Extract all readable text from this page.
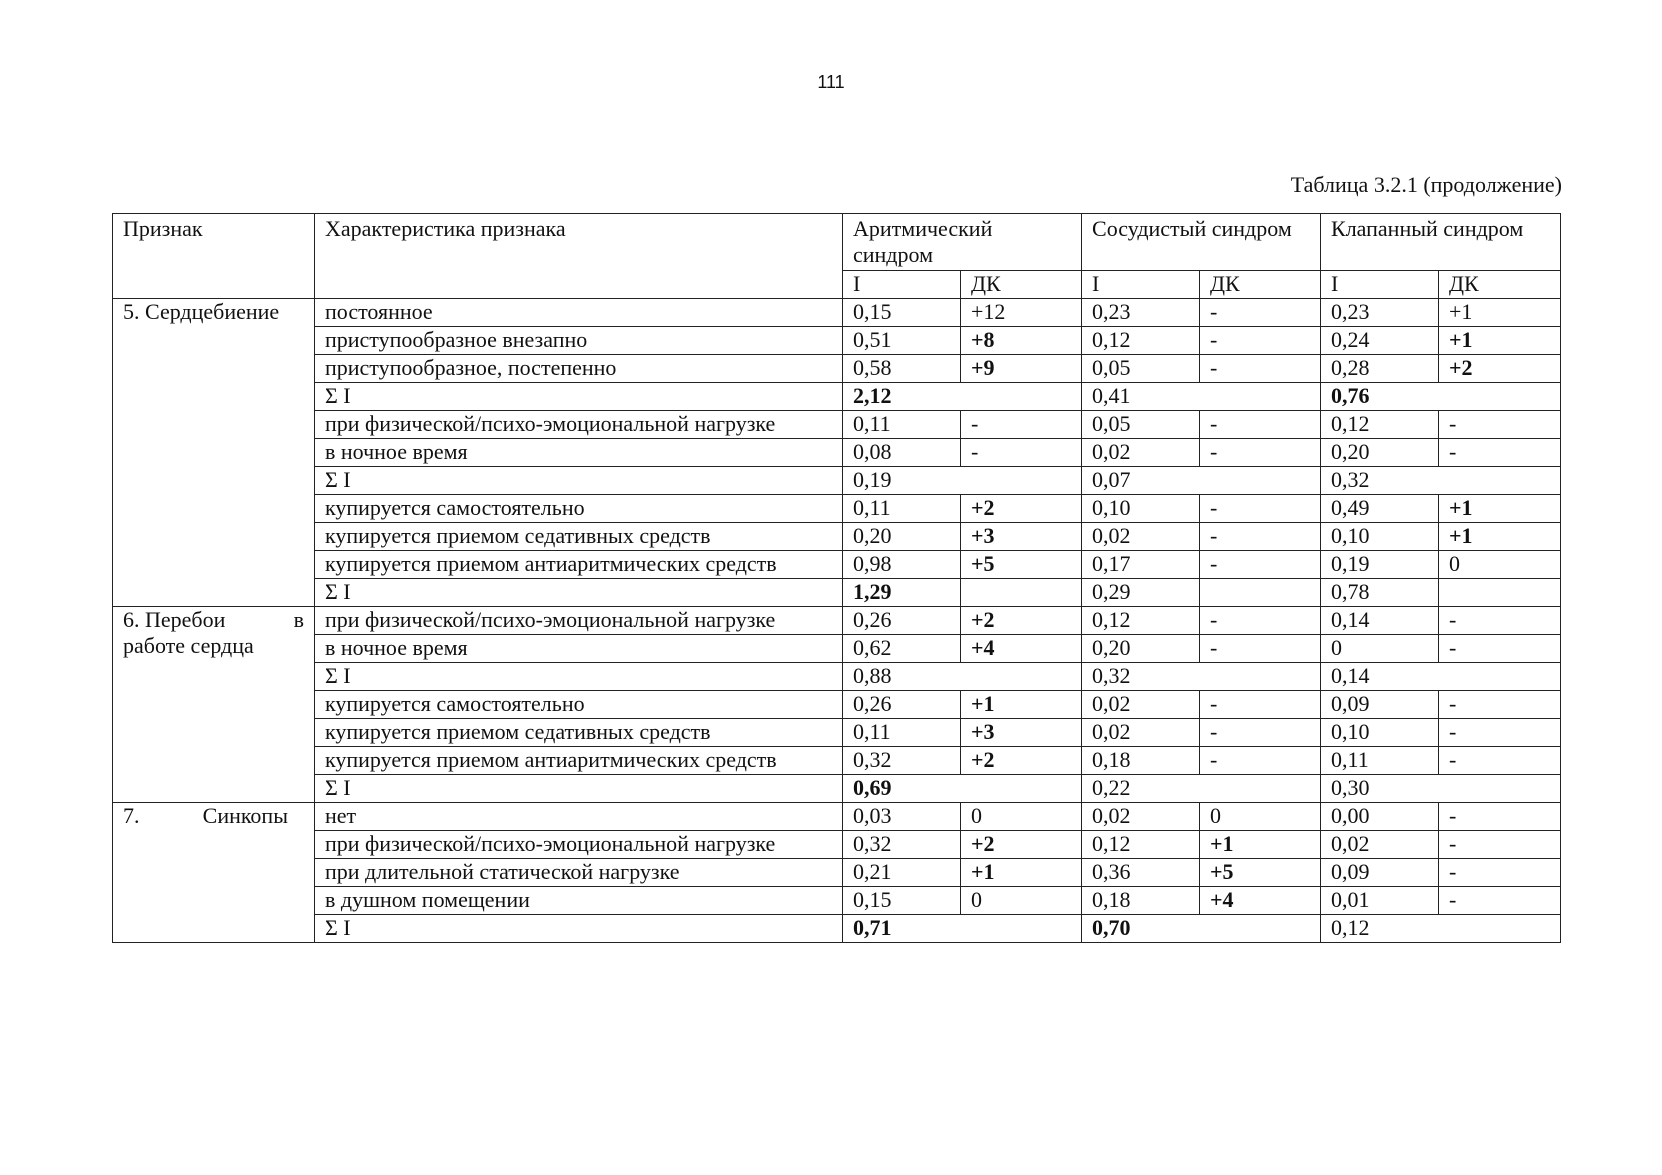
111
Таблица 3.2.1 (продолжение)
Признак	Характеристика признака	Аритмический синдром		Сосудистый синдром		Клапанный синдром	
		I	ДК	I	ДК	I	ДК
5. Сердцебиение	постоянное	0,15	+12	0,23	-	0,23	+1
	приступообразное внезапно	0,51	+8	0,12	-	0,24	+1
	приступообразное, постепенно	0,58	+9	0,05	-	0,28	+2
	Σ I	2,12		0,41		0,76	
	при физической/психо-эмоциональной нагрузке	0,11	-	0,05	-	0,12	-
	в ночное время	0,08	-	0,02	-	0,20	-
	Σ I	0,19		0,07		0,32	
	купируется самостоятельно	0,11	+2	0,10	-	0,49	+1
	купируется приемом седативных средств	0,20	+3	0,02	-	0,10	+1
	купируется приемом антиаритмических средств	0,98	+5	0,17	-	0,19	0
	Σ I	1,29		0,29		0,78	

6. Перебои в
работе сердца	при физической/психо-эмоциональной нагрузке	0,26	+2	0,12	-	0,14	-
	в ночное время	0,62	+4	0,20	-	0	-
	Σ I	0,88		0,32		0,14	
	купируется самостоятельно	0,26	+1	0,02	-	0,09	-
	купируется приемом седативных средств	0,11	+3	0,02	-	0,10	-
	купируется приемом антиаритмических средств	0,32	+2	0,18	-	0,11	-
	Σ I	0,69		0,22		0,30	

7. Синкопы	нет	0,03	0	0,02	0	0,00	-
	при физической/психо-эмоциональной нагрузке	0,32	+2	0,12	+1	0,02	-
	при длительной статической нагрузке	0,21	+1	0,36	+5	0,09	-
	в душном помещении	0,15	0	0,18	+4	0,01	-
	Σ I	0,71		0,70		0,12	
